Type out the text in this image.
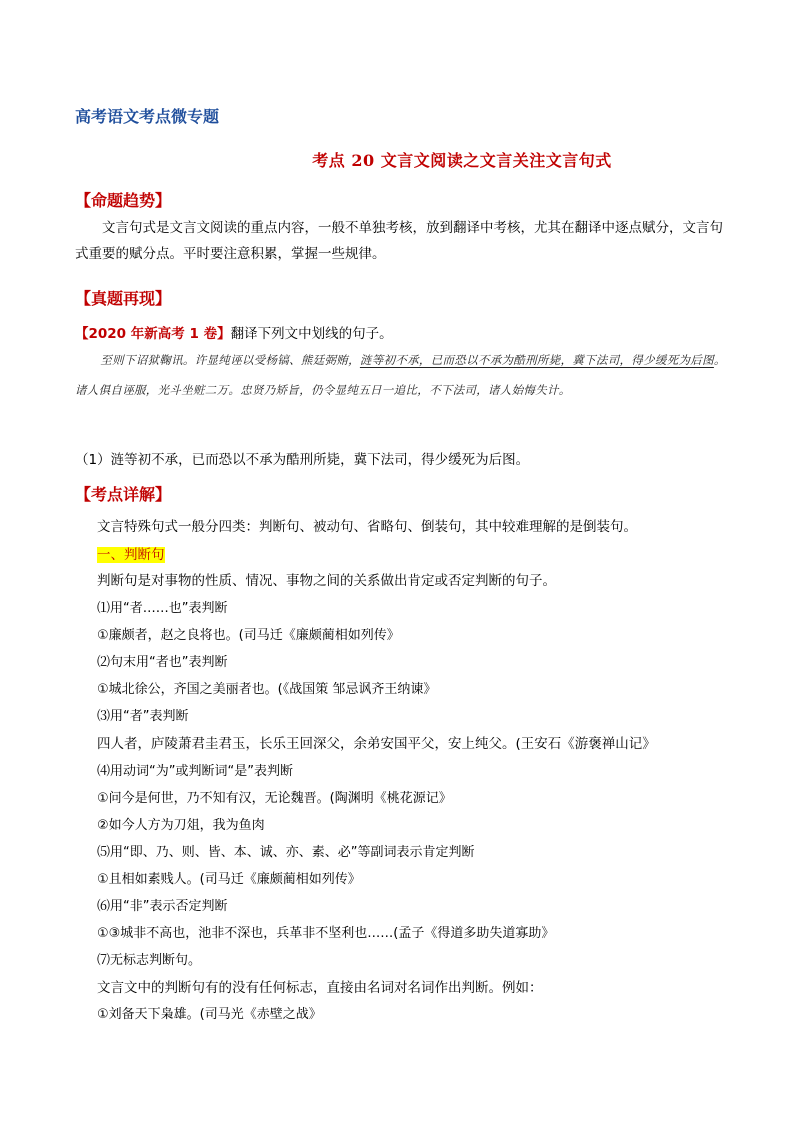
高考语文考点微专题
考点 20 文言文阅读之文言关注文言句式
【命题趋势】
文言句式是文言文阅读的重点内容，一般不单独考核，放到翻译中考核，尤其在翻译中逐点赋分，文言句式重要的赋分点。平时要注意积累，掌握一些规律。
【真题再现】
【2020 年新高考 1 卷】翻译下列文中划线的句子。
至则下诏狱鞠讯。许显纯诬以受杨镐、熊廷弼贿，涟等初不承，已而恐以不承为酷刑所毙，冀下法司，得少缓死为后图。诸人俱自诬服，光斗坐赃二万。忠贤乃矫旨，仍令显纯五日一追比，不下法司，诸人始悔失计。
（1）涟等初不承，已而恐以不承为酷刑所毙，冀下法司，得少缓死为后图。
【考点详解】
文言特殊句式一般分四类：判断句、被动句、省略句、倒装句，其中较难理解的是倒装句。
一、判断句
判断句是对事物的性质、情况、事物之间的关系做出肯定或否定判断的句子。
⑴用“者……也”表判断
①廉颇者，赵之良将也。(司马迁《廉颇蔺相如列传》
⑵句末用“者也”表判断
①城北徐公，齐国之美丽者也。(《战国策 邹忌讽齐王纳谏》
⑶用“者”表判断
四人者，庐陵萧君圭君玉，长乐王回深父，余弟安国平父，安上纯父。(王安石《游褒禅山记》
⑷用动词“为”或判断词“是”表判断
①问今是何世，乃不知有汉，无论魏晋。(陶渊明《桃花源记》
②如今人方为刀俎，我为鱼肉
⑸用“即、乃、则、皆、本、诚、亦、素、必”等副词表示肯定判断
①且相如素贱人。(司马迁《廉颇蔺相如列传》
⑹用“非”表示否定判断
①③城非不高也，池非不深也，兵革非不坚利也……(孟子《得道多助失道寡助》
⑺无标志判断句。
文言文中的判断句有的没有任何标志，直接由名词对名词作出判断。例如：
①刘备天下枭雄。(司马光《赤壁之战》
